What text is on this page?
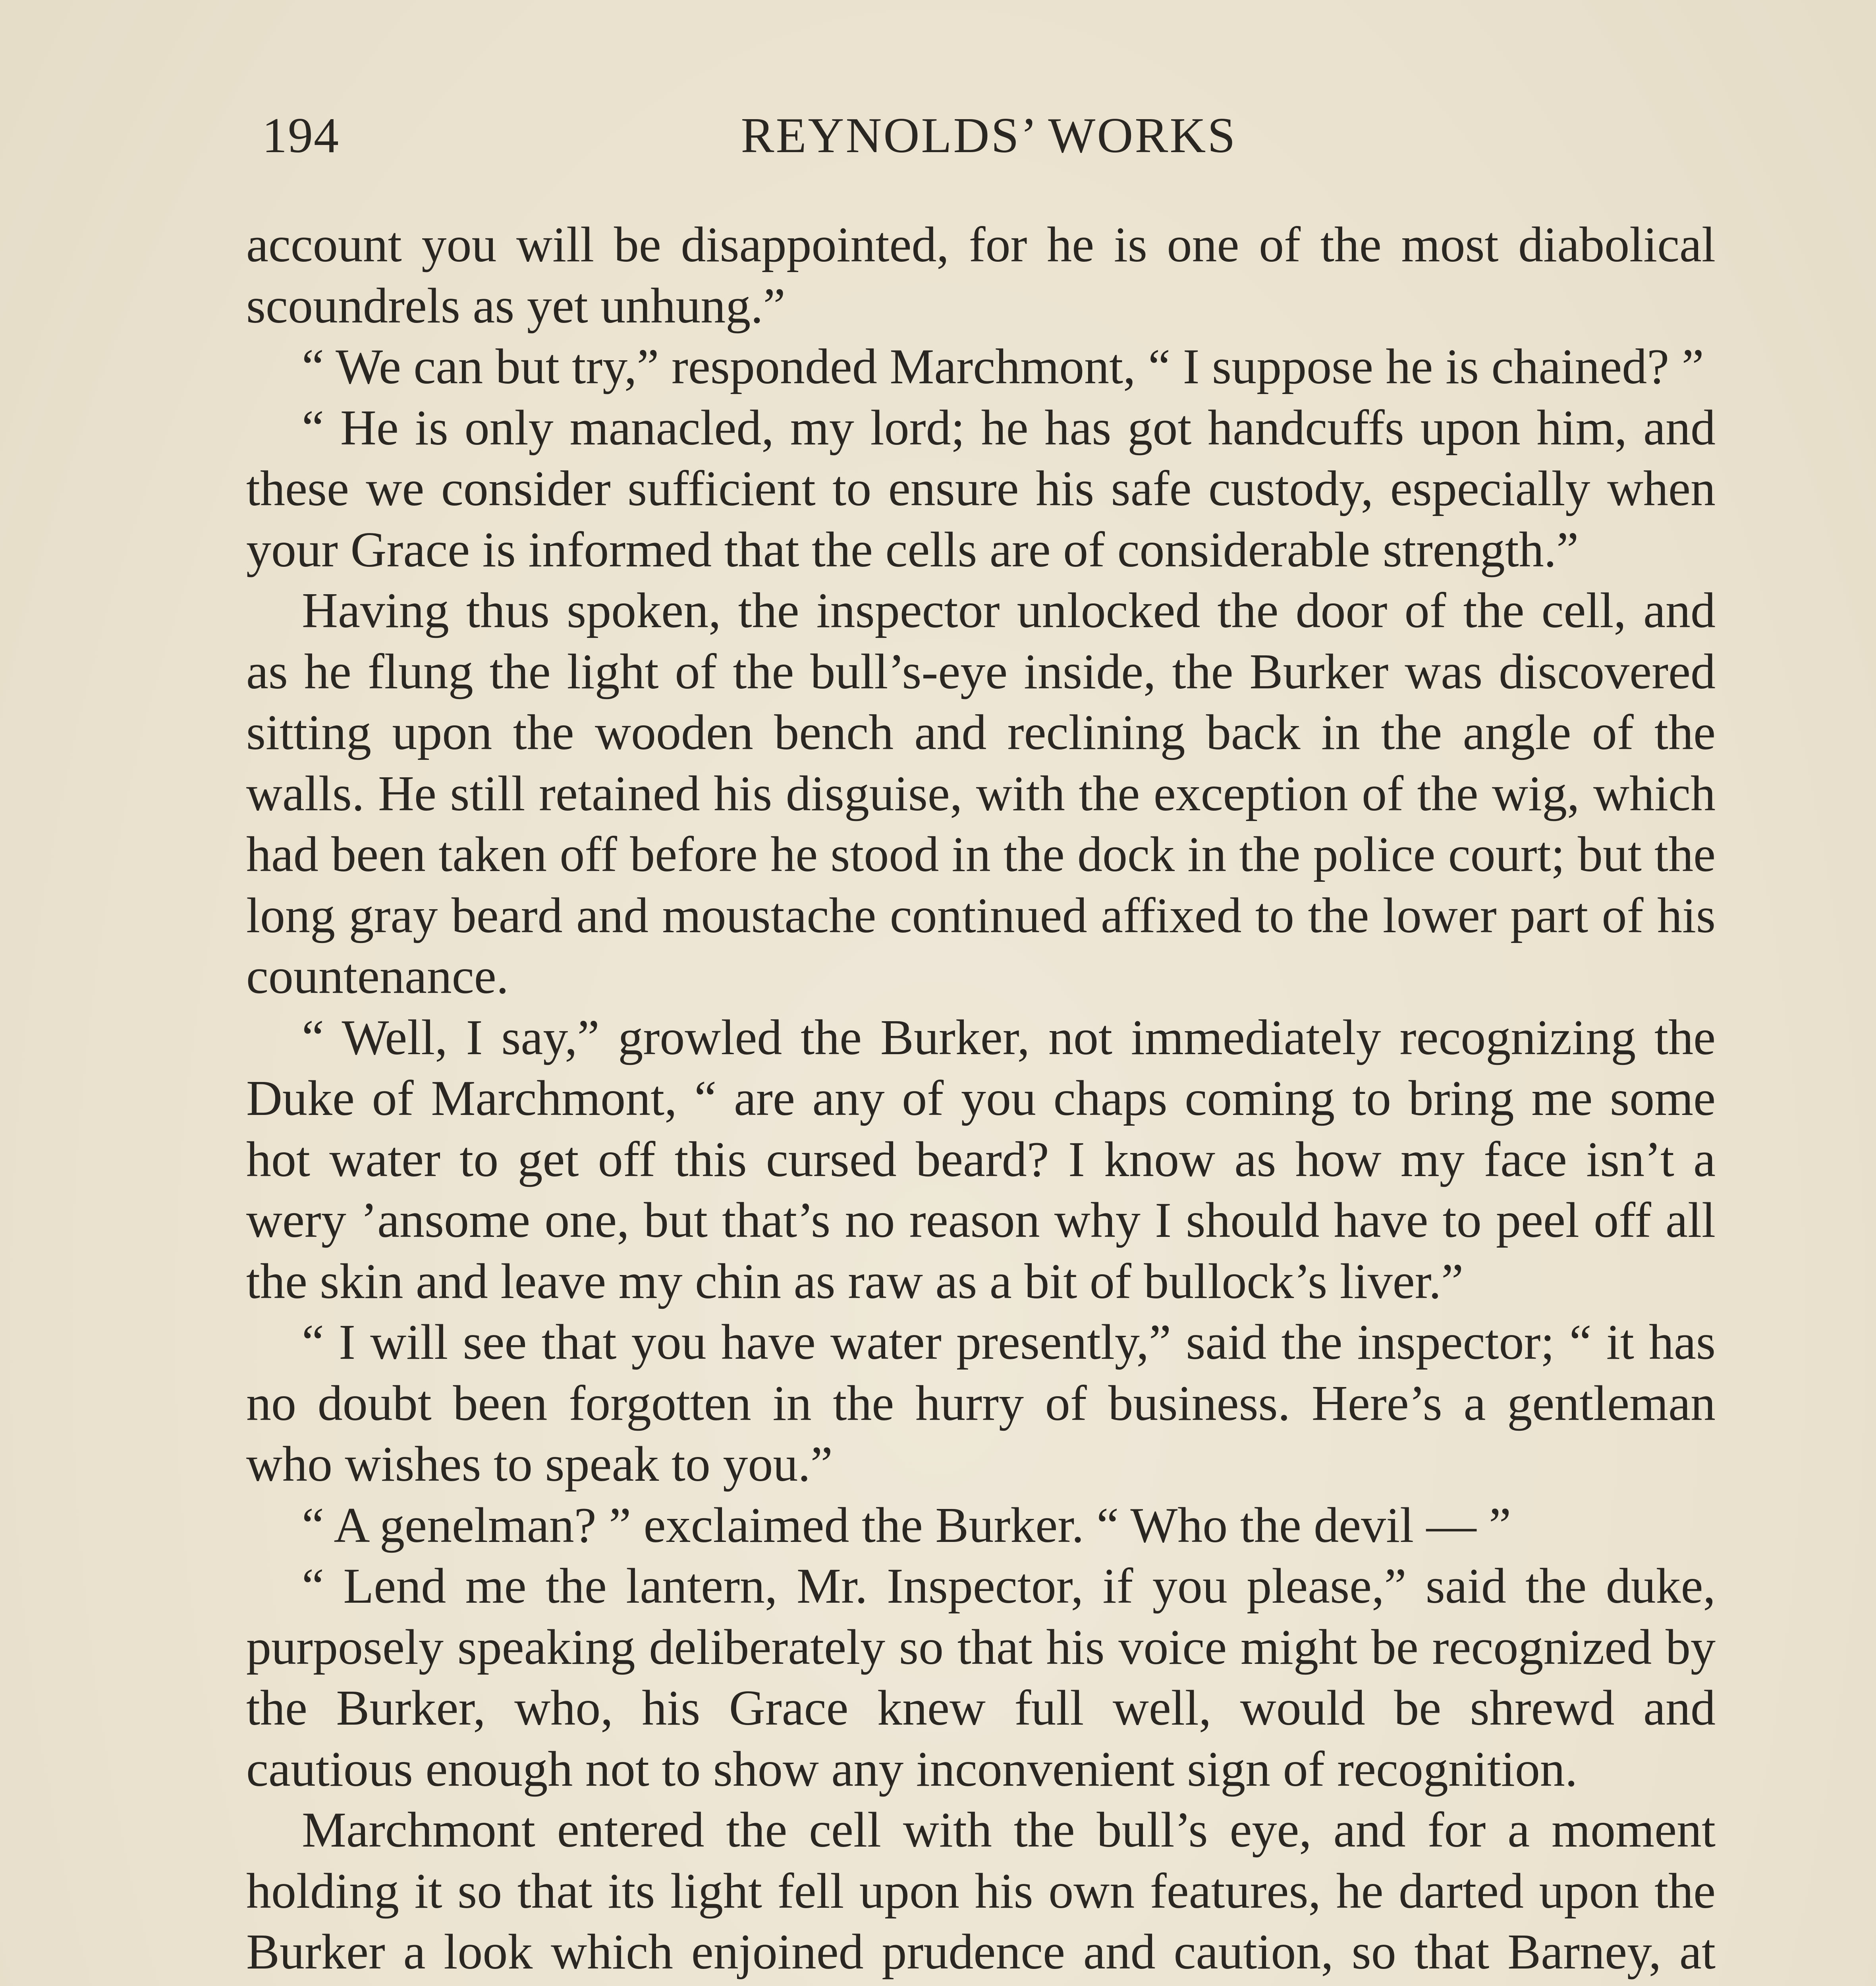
194	REYNOLDS’ WORKS

account you will be disappointed, for he is one of the most diabolical scoundrels as yet unhung.”

“ We can but try,” responded Marchmont, “ I suppose he is chained? ”

“ He is only manacled, my lord; he has got handcuffs upon him, and these we consider sufficient to ensure his safe custody, especially when your Grace is informed that the cells are of considerable strength.”

Having thus spoken, the inspector unlocked the door of the cell, and as he flung the light of the bull’s-eye inside, the Burker was discovered sitting upon the wooden bench and reclining back in the angle of the walls. He still retained his disguise, with the exception of the wig, which had been taken off before he stood in the dock in the police court; but the long gray beard and moustache continued affixed to the lower part of his countenance.

“ Well, I say,” growled the Burker, not immediately recognizing the Duke of Marchmont, “ are any of you chaps coming to bring me some hot water to get off this cursed beard? I know as how my face isn’t a wery ’ansome one, but that’s no reason why I should have to peel off all the skin and leave my chin as raw as a bit of bullock’s liver.”

“ I will see that you have water presently,” said the inspector; “ it has no doubt been forgotten in the hurry of business. Here’s a gentleman who wishes to speak to you.”

“ A genelman? ” exclaimed the Burker. “ Who the devil — ”

“ Lend me the lantern, Mr. Inspector, if you please,” said the duke, purposely speaking deliberately so that his voice might be recognized by the Burker, who, his Grace knew full well, would be shrewd and cautious enough not to show any inconvenient sign of recognition.

Marchmont entered the cell with the bull’s eye, and for a moment holding it so that its light fell upon his own features, he darted upon the Burker a look which enjoined prudence and caution, so that Barney, at
